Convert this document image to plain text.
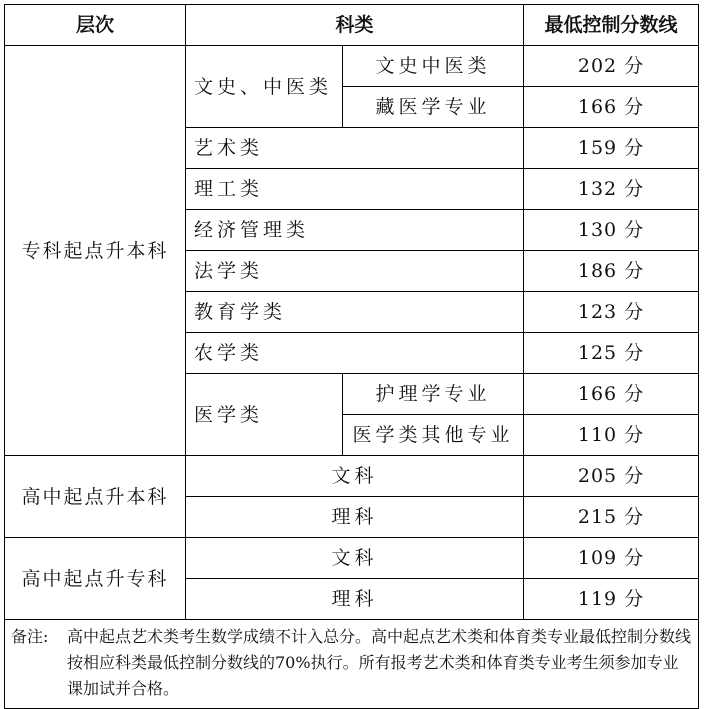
层次	科类		最低控制分数线
专科起点升本科	文史、中医类	文史中医类	202 分
		藏医学专业	166 分
	艺术类		159 分
	理工类		132 分
	经济管理类		130 分
	法学类		186 分
	教育学类		123 分
	农学类		125 分
	医学类	护理学专业	166 分
		医学类其他专业	110 分
高中起点升本科	文科		205 分
	理科		215 分
高中起点升专科	文科		109 分
	理科		119 分

备注: 高中起点艺术类考生数学成绩不计入总分。高中起点艺术类和体育类专业最低控制分数线按相应科类最低控制分数线的70%执行。所有报考艺术类和体育类专业考生须参加专业课加试并合格。			
